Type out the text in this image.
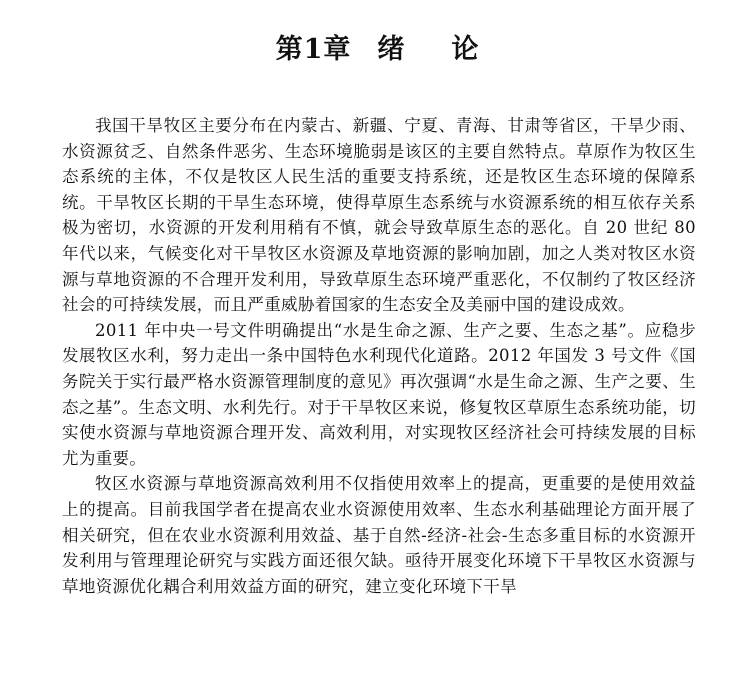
第1章 绪 论

我国干旱牧区主要分布在内蒙古、新疆、宁夏、青海、甘肃等省区，干旱少雨、水资源贫乏、自然条件恶劣、生态环境脆弱是该区的主要自然特点。草原作为牧区生态系统的主体，不仅是牧区人民生活的重要支持系统，还是牧区生态环境的保障系统。干旱牧区长期的干旱生态环境，使得草原生态系统与水资源系统的相互依存关系极为密切，水资源的开发利用稍有不慎，就会导致草原生态的恶化。自 20 世纪 80 年代以来，气候变化对干旱牧区水资源及草地资源的影响加剧，加之人类对牧区水资源与草地资源的不合理开发利用，导致草原生态环境严重恶化，不仅制约了牧区经济社会的可持续发展，而且严重威胁着国家的生态安全及美丽中国的建设成效。

2011 年中央一号文件明确提出“水是生命之源、生产之要、生态之基”。应稳步发展牧区水利，努力走出一条中国特色水利现代化道路。2012 年国发 3 号文件《国务院关于实行最严格水资源管理制度的意见》再次强调“水是生命之源、生产之要、生态之基”。生态文明、水利先行。对于干旱牧区来说，修复牧区草原生态系统功能，切实使水资源与草地资源合理开发、高效利用，对实现牧区经济社会可持续发展的目标尤为重要。

牧区水资源与草地资源高效利用不仅指使用效率上的提高，更重要的是使用效益上的提高。目前我国学者在提高农业水资源使用效率、生态水利基础理论方面开展了相关研究，但在农业水资源利用效益、基于自然-经济-社会-生态多重目标的水资源开发利用与管理理论研究与实践方面还很欠缺。亟待开展变化环境下干旱牧区水资源与草地资源优化耦合利用效益方面的研究，建立变化环境下干旱
